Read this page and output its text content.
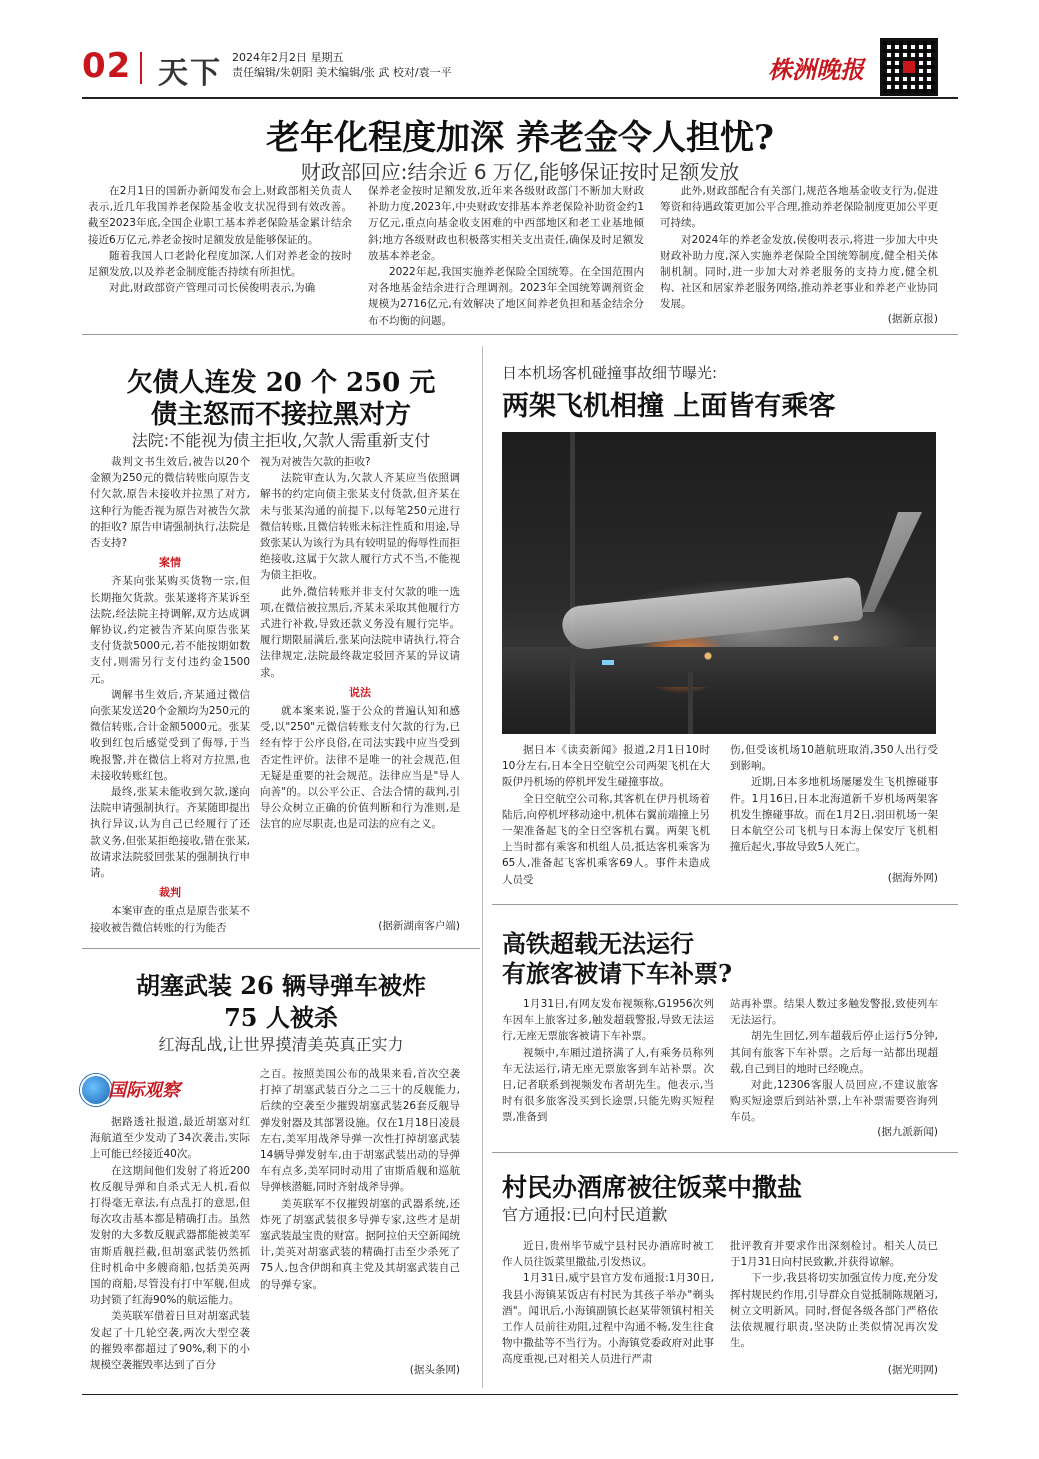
02 天下 2024年2月2日 星期五
责任编辑/朱朝阳 美术编辑/张 武 校对/袁一平	株洲晚报
老年化程度加深 养老金令人担忧?
财政部回应:结余近 6 万亿,能够保证按时足额发放

在2月1日的国新办新闻发布会上,财政部相关负责人表示,近几年我国养老保险基金收支状况得到有效改善。截至2023年底,全国企业职工基本养老保险基金累计结余接近6万亿元,养老金按时足额发放是能够保证的。

随着我国人口老龄化程度加深,人们对养老金的按时足额发放,以及养老金制度能否持续有所担忧。

对此,财政部资产管理司司长侯俊明表示,为确

保养老金按时足额发放,近年来各级财政部门不断加大财政补助力度,2023年,中央财政安排基本养老保险补助资金约1万亿元,重点向基金收支困难的中西部地区和老工业基地倾斜;地方各级财政也积极落实相关支出责任,确保及时足额发放基本养老金。

2022年起,我国实施养老保险全国统筹。在全国范围内对各地基金结余进行合理调剂。2023年全国统筹调剂资金规模为2716亿元,有效解决了地区间养老负担和基金结余分布不均衡的问题。

此外,财政部配合有关部门,规范各地基金收支行为,促进筹资和待遇政策更加公平合理,推动养老保险制度更加公平更可持续。

对2024年的养老金发放,侯俊明表示,将进一步加大中央财政补助力度,深入实施养老保险全国统筹制度,健全相关体制机制。同时,进一步加大对养老服务的支持力度,健全机构、社区和居家养老服务网络,推动养老事业和养老产业协同发展。

(据新京报)
欠债人连发 20 个 250 元
债主怒而不接拉黑对方
法院:不能视为债主拒收,欠款人需重新支付

裁判文书生效后,被告以20个金额为250元的微信转账向原告支付欠款,原告未接收并拉黑了对方,这种行为能否视为原告对被告欠款的拒收? 原告申请强制执行,法院是否支持?

案情

齐某向张某购买货物一宗,但长期拖欠货款。张某遂将齐某诉至法院,经法院主持调解,双方达成调解协议,约定被告齐某向原告张某支付货款5000元,若不能按期如数支付,则需另行支付违约金1500元。

调解书生效后,齐某通过微信向张某发送20个金额均为250元的微信转账,合计金额5000元。张某收到红包后感觉受到了侮辱,于当晚报警,并在微信上将对方拉黑,也未接收转账红包。

最终,张某未能收到欠款,遂向法院申请强制执行。齐某随即提出执行异议,认为自己已经履行了还款义务,但张某拒绝接收,错在张某,故请求法院驳回张某的强制执行申请。

裁判

本案审查的重点是原告张某不接收被告微信转账的行为能否

视为对被告欠款的拒收?

法院审查认为,欠款人齐某应当依照调解书的约定向债主张某支付货款,但齐某在未与张某沟通的前提下,以每笔250元进行微信转账,且微信转账未标注性质和用途,导致张某认为该行为具有较明显的侮辱性而拒绝接收,这属于欠款人履行方式不当,不能视为债主拒收。

此外,微信转账并非支付欠款的唯一选项,在微信被拉黑后,齐某未采取其他履行方式进行补救,导致还款义务没有履行完毕。履行期限届满后,张某向法院申请执行,符合法律规定,法院最终裁定驳回齐某的异议请求。

说法

就本案来说,鉴于公众的普遍认知和感受,以"250"元微信转账支付欠款的行为,已经有悖于公序良俗,在司法实践中应当受到否定性评价。法律不是唯一的社会规范,但无疑是重要的社会规范。法律应当是"导人向善"的。以公平公正、合法合情的裁判,引导公众树立正确的价值判断和行为准则,是法官的应尽职责,也是司法的应有之义。

(据新湖南客户端)
日本机场客机碰撞事故细节曝光:
两架飞机相撞 上面皆有乘客

据日本《读卖新闻》报道,2月1日10时10分左右,日本全日空航空公司两架飞机在大阪伊丹机场的停机坪发生碰撞事故。

全日空航空公司称,其客机在伊丹机场着陆后,向停机坪移动途中,机体右翼前端撞上另一架准备起飞的全日空客机右翼。两架飞机上当时都有乘客和机组人员,抵达客机乘客为65人,准备起飞客机乘客69人。事件未造成人员受

伤,但受该机场10趟航班取消,350人出行受到影响。

近期,日本多地机场屡屡发生飞机擦碰事件。1月16日,日本北海道新千岁机场两架客机发生擦碰事故。而在1月2日,羽田机场一架日本航空公司飞机与日本海上保安厅飞机相撞后起火,事故导致5人死亡。

(据海外网)
高铁超载无法运行
有旅客被请下车补票?

1月31日,有网友发布视频称,G1956次列车因车上旅客过多,触发超载警报,导致无法运行,无座无票旅客被请下车补票。

视频中,车厢过道挤满了人,有乘务员称列车无法运行,请无座无票旅客到车站补票。次日,记者联系到视频发布者胡先生。他表示,当时有很多旅客没买到长途票,只能先购买短程票,准备到

站再补票。结果人数过多触发警报,致使列车无法运行。

胡先生回忆,列车超载后停止运行5分钟,其间有旅客下车补票。之后每一站都出现超载,自己到目的地时已经晚点。

对此,12306客服人员回应,不建议旅客购买短途票后到站补票,上车补票需要咨询列车员。

(据九派新闻)
胡塞武装 26 辆导弹车被炸
75 人被杀
红海乱战,让世界摸清美英真正实力
国际观察

据路透社报道,最近胡塞对红海航道至少发动了34次袭击,实际上可能已经接近40次。

在这期间他们发射了将近200枚反舰导弹和自杀式无人机,看似打得毫无章法,有点乱打的意思,但每次攻击基本都是精确打击。虽然发射的大多数反舰武器都能被美军宙斯盾舰拦截,但胡塞武装仍然抓住时机命中多艘商船,包括美英两国的商船,尽管没有打中军舰,但成功封锁了红海90%的航运能力。

美英联军借着日旦对胡塞武装发起了十几轮空袭,两次大型空袭的摧毁率都超过了90%,剩下的小规模空袭摧毁率达到了百分

之百。按照美国公布的战果来看,首次空袭打掉了胡塞武装百分之二三十的反舰能力,后续的空袭至少摧毁胡塞武装26套反舰导弹发射器及其部署设施。仅在1月18日凌晨左右,美军用战斧导弹一次性打掉胡塞武装14辆导弹发射车,由于胡塞武装出动的导弹车有点多,美军同时动用了宙斯盾舰和巡航导弹核潜艇,同时齐射战斧导弹。

美英联军不仅摧毁胡塞的武器系统,还炸死了胡塞武装很多导弹专家,这些才是胡塞武装最宝贵的财富。据阿拉伯天空新闻统计,美英对胡塞武装的精确打击至少杀死了75人,包含伊朗和真主党及其胡塞武装自己的导弹专家。

(据头条网)
村民办酒席被往饭菜中撒盐
官方通报:已向村民道歉

近日,贵州毕节威宁县村民办酒席时被工作人员往饭菜里撒盐,引发热议。

1月31日,威宁县官方发布通报:1月30日,我县小海镇某饭店有村民为其孩子举办"剃头酒"。闻讯后,小海镇副镇长赵某带领镇村相关工作人员前往劝阻,过程中沟通不畅,发生往食物中撒盐等不当行为。小海镇党委政府对此事高度重视,已对相关人员进行严肃

批评教育并要求作出深刻检讨。相关人员已于1月31日向村民致歉,并获得谅解。

下一步,我县将切实加强宣传力度,充分发挥村规民约作用,引导群众自觉抵制陈规陋习,树立文明新风。同时,督促各级各部门严格依法依规履行职责,坚决防止类似情况再次发生。

(据光明网)
